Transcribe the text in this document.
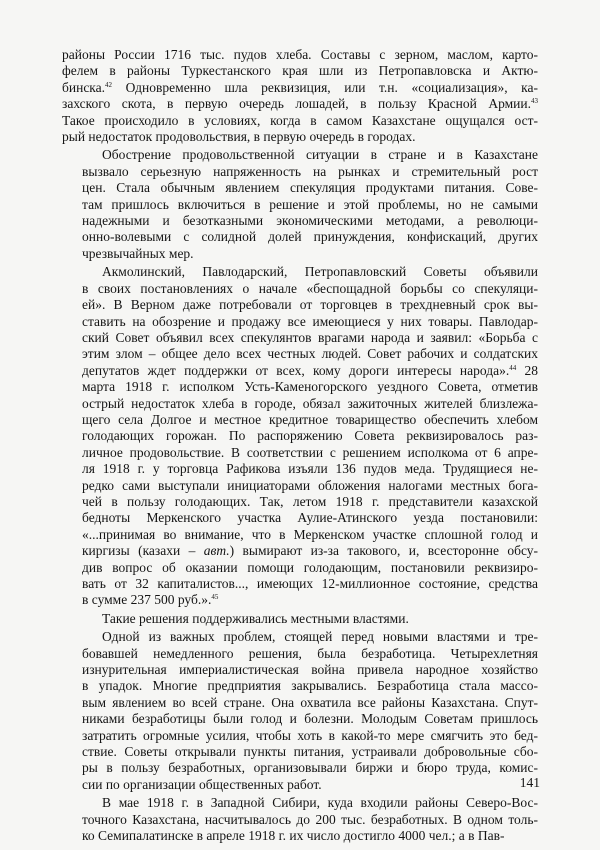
районы России 1716 тыс. пудов хлеба. Составы с зерном, маслом, карто-
фелем в районы Туркестанского края шли из Петропавловска и Актю-
бинска.$^{42}$ Одновременно шла реквизиция, или т.н. «социализация», ка-
захского скота, в первую очередь лошадей, в пользу Красной Армии.$^{43}$
Такое происходило в условиях, когда в самом Казахстане ощущался ост-
рый недостаток продовольствия, в первую очередь в городах.
Обострение продовольственной ситуации в стране и в Казахстане
вызвало серьезную напряженность на рынках и стремительный рост
цен. Стала обычным явлением спекуляция продуктами питания. Сове-
там пришлось включиться в решение и этой проблемы, но не самыми
надежными и безотказными экономическими методами, а революци-
онно-волевыми с солидной долей принуждения, конфискаций, других
чрезвычайных мер.
Акмолинский, Павлодарский, Петропавловский Советы объявили
в своих постановлениях о начале «беспощадной борьбы со спекуляци-
ей». В Верном даже потребовали от торговцев в трехдневный срок вы-
ставить на обозрение и продажу все имеющиеся у них товары. Павлодар-
ский Совет объявил всех спекулянтов врагами народа и заявил: «Борьба с
этим злом – общее дело всех честных людей. Совет рабочих и солдатских
депутатов ждет поддержки от всех, кому дороги интересы народа».$^{44}$ 28
марта 1918 г. исполком Усть-Каменогорского уездного Совета, отметив
острый недостаток хлеба в городе, обязал зажиточных жителей близлежа-
щего села Долгое и местное кредитное товарищество обеспечить хлебом
голодающих горожан. По распоряжению Совета реквизировалось раз-
личное продовольствие. В соответствии с решением исполкома от 6 апре-
ля 1918 г. у торговца Рафикова изъяли 136 пудов меда. Трудящиеся не-
редко сами выступали инициаторами обложения налогами местных бога-
чей в пользу голодающих. Так, летом 1918 г. представители казахской
бедноты Меркенского участка Аулие-Атинского уезда постановили:
«...принимая во внимание, что в Меркенском участке сплошной голод и
киргизы (казахи – авт.) вымирают из-за такового, и, всесторонне обсу-
див вопрос об оказании помощи голодающим, постановили реквизиро-
вать от 32 капиталистов..., имеющих 12-миллионное состояние, средства
в сумме 237 500 руб.».$^{45}$
Такие решения поддерживались местными властями.
Одной из важных проблем, стоящей перед новыми властями и тре-
бовавшей немедленного решения, была безработица. Четырехлетняя
изнурительная империалистическая война привела народное хозяйство
в упадок. Многие предприятия закрывались. Безработица стала массо-
вым явлением во всей стране. Она охватила все районы Казахстана. Спут-
никами безработицы были голод и болезни. Молодым Советам пришлось
затратить огромные усилия, чтобы хоть в какой-то мере смягчить это бед-
ствие. Советы открывали пункты питания, устраивали добровольные сбо-
ры в пользу безработных, организовывали биржи и бюро труда, комис-
сии по организации общественных работ.
В мае 1918 г. в Западной Сибири, куда входили районы Северо-Вос-
точного Казахстана, насчитывалось до 200 тыс. безработных. В одном толь-
ко Семипалатинске в апреле 1918 г. их число достигло 4000 чел.; а в Пав-
141
